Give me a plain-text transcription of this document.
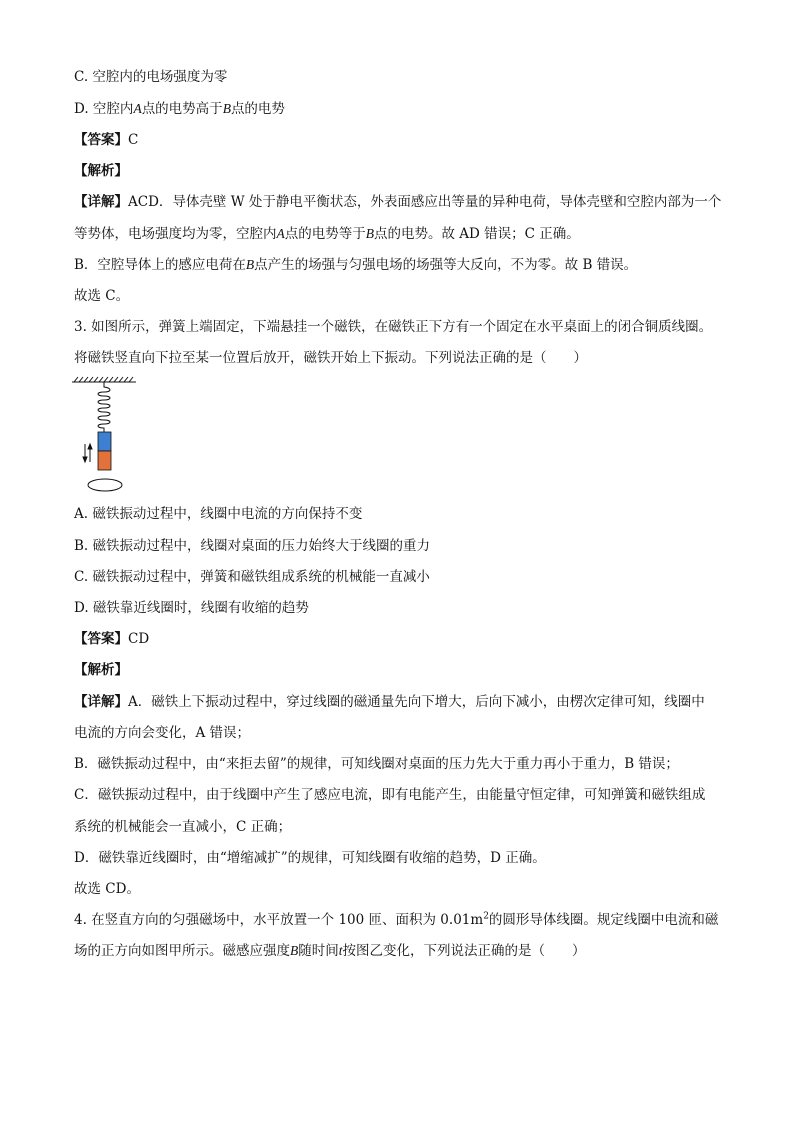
C. 空腔内的电场强度为零
D. 空腔内A点的电势高于B点的电势
【答案】C
【解析】
【详解】ACD．导体壳壁 W 处于静电平衡状态，外表面感应出等量的异种电荷，导体壳壁和空腔内部为一个
等势体，电场强度均为零，空腔内A点的电势等于B点的电势。故 AD 错误；C 正确。
B．空腔导体上的感应电荷在B点产生的场强与匀强电场的场强等大反向，不为零。故 B 错误。
故选 C。
3. 如图所示，弹簧上端固定，下端悬挂一个磁铁，在磁铁正下方有一个固定在水平桌面上的闭合铜质线圈。
将磁铁竖直向下拉至某一位置后放开，磁铁开始上下振动。下列说法正确的是（　　）
A. 磁铁振动过程中，线圈中电流的方向保持不变
B. 磁铁振动过程中，线圈对桌面的压力始终大于线圈的重力
C. 磁铁振动过程中，弹簧和磁铁组成系统的机械能一直减小
D. 磁铁靠近线圈时，线圈有收缩的趋势
【答案】CD
【解析】
【详解】A．磁铁上下振动过程中，穿过线圈的磁通量先向下增大，后向下减小，由楞次定律可知，线圈中
电流的方向会变化，A 错误；
B．磁铁振动过程中，由“来拒去留”的规律，可知线圈对桌面的压力先大于重力再小于重力，B 错误；
C．磁铁振动过程中，由于线圈中产生了感应电流，即有电能产生，由能量守恒定律，可知弹簧和磁铁组成
系统的机械能会一直减小，C 正确；
D．磁铁靠近线圈时，由“增缩减扩”的规律，可知线圈有收缩的趋势，D 正确。
故选 CD。
4. 在竖直方向的匀强磁场中，水平放置一个 100 匝、面积为 $0.01m^2$的圆形导体线圈。规定线圈中电流和磁
场的正方向如图甲所示。磁感应强度B随时间t按图乙变化，下列说法正确的是（　　）
